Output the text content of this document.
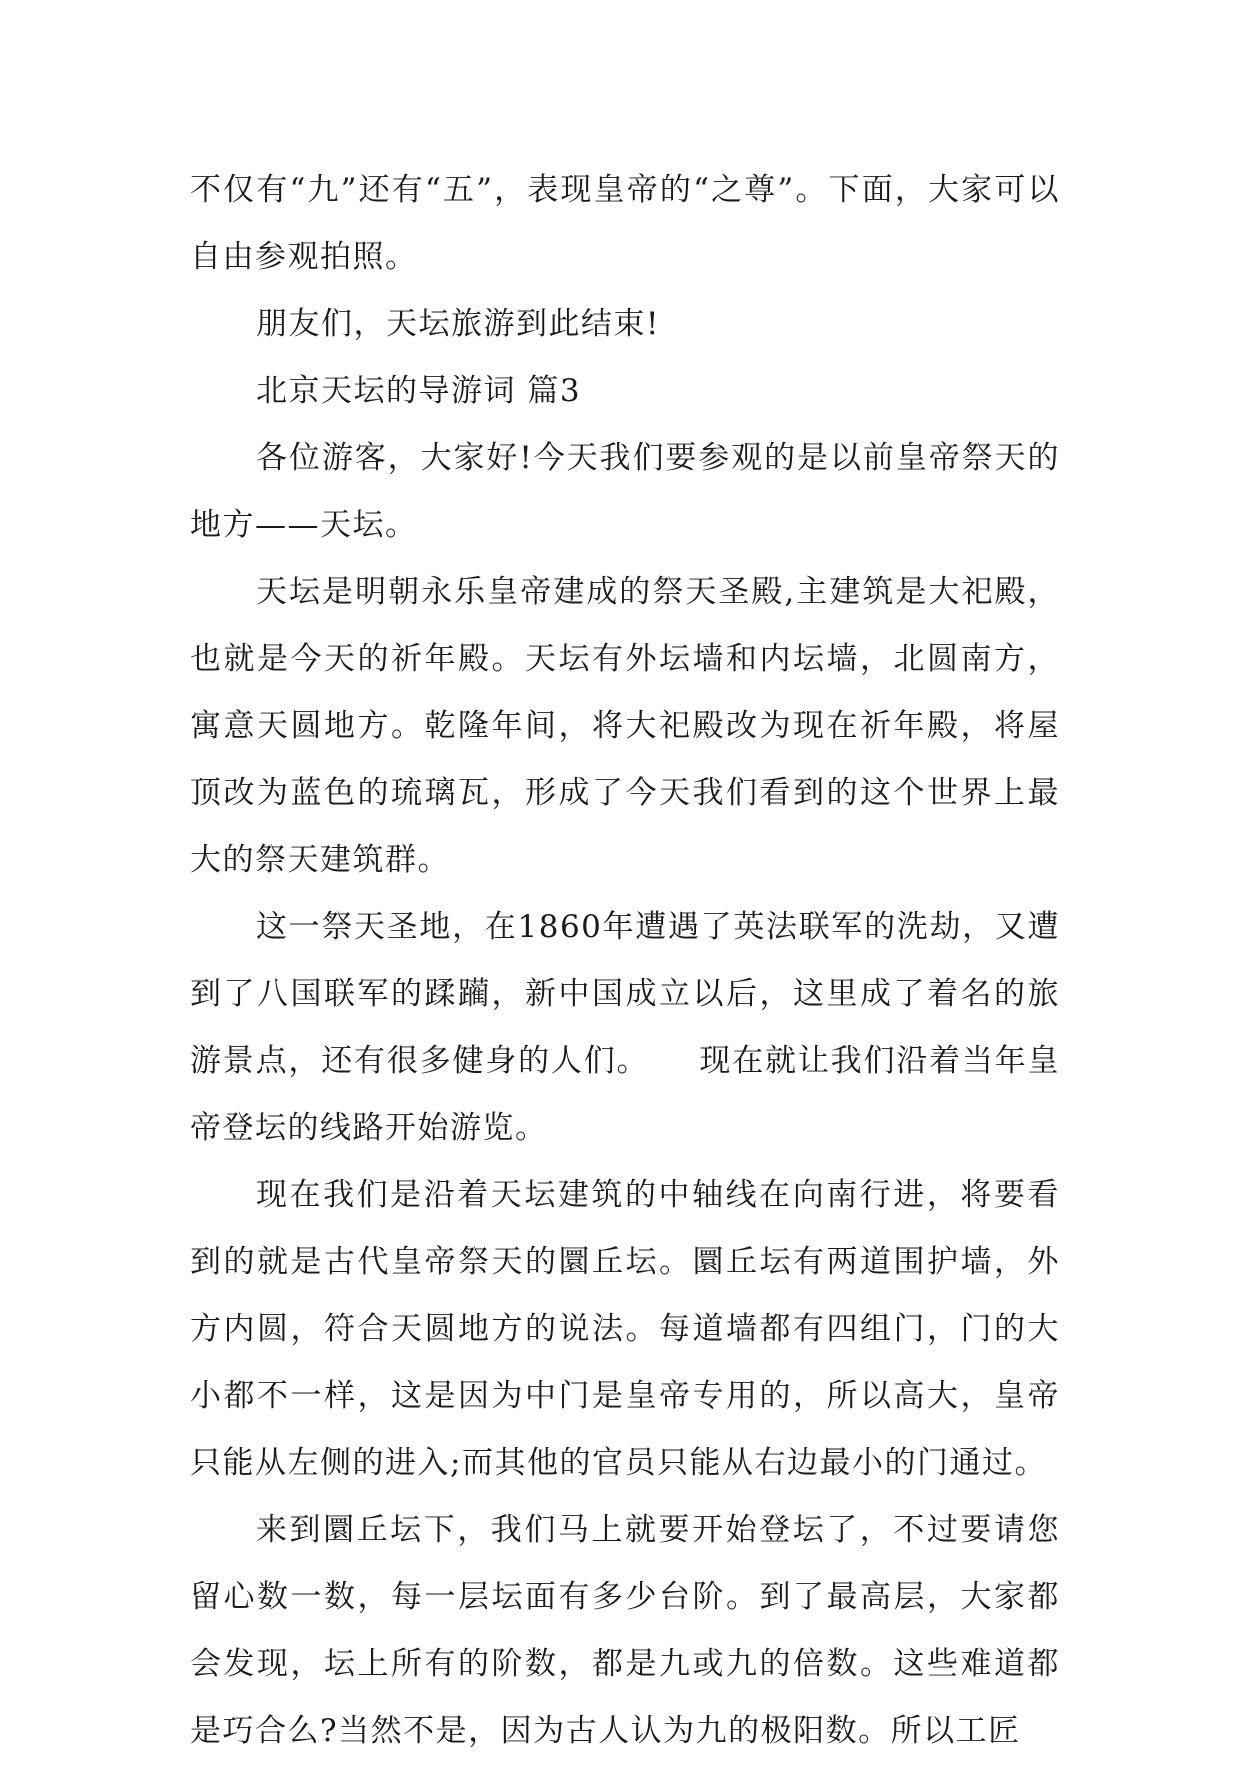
不仅有“九”还有“五”，表现皇帝的“之尊”。下面，大家可以自由参观拍照。

朋友们，天坛旅游到此结束!

北京天坛的导游词 篇3

各位游客，大家好!今天我们要参观的是以前皇帝祭天的地方——天坛。

天坛是明朝永乐皇帝建成的祭天圣殿,主建筑是大祀殿，也就是今天的祈年殿。天坛有外坛墙和内坛墙，北圆南方，寓意天圆地方。乾隆年间，将大祀殿改为现在祈年殿，将屋顶改为蓝色的琉璃瓦，形成了今天我们看到的这个世界上最大的祭天建筑群。

这一祭天圣地，在1860年遭遇了英法联军的洗劫，又遭到了八国联军的蹂躏，新中国成立以后，这里成了着名的旅游景点，还有很多健身的人们。　　现在就让我们沿着当年皇帝登坛的线路开始游览。

现在我们是沿着天坛建筑的中轴线在向南行进，将要看到的就是古代皇帝祭天的圜丘坛。圜丘坛有两道围护墙，外方内圆，符合天圆地方的说法。每道墙都有四组门，门的大小都不一样，这是因为中门是皇帝专用的，所以高大，皇帝只能从左侧的进入;而其他的官员只能从右边最小的门通过。

来到圜丘坛下，我们马上就要开始登坛了，不过要请您留心数一数，每一层坛面有多少台阶。到了最高层，大家都会发现，坛上所有的阶数，都是九或九的倍数。这些难道都是巧合么?当然不是，因为古人认为九的极阳数。所以工匠
